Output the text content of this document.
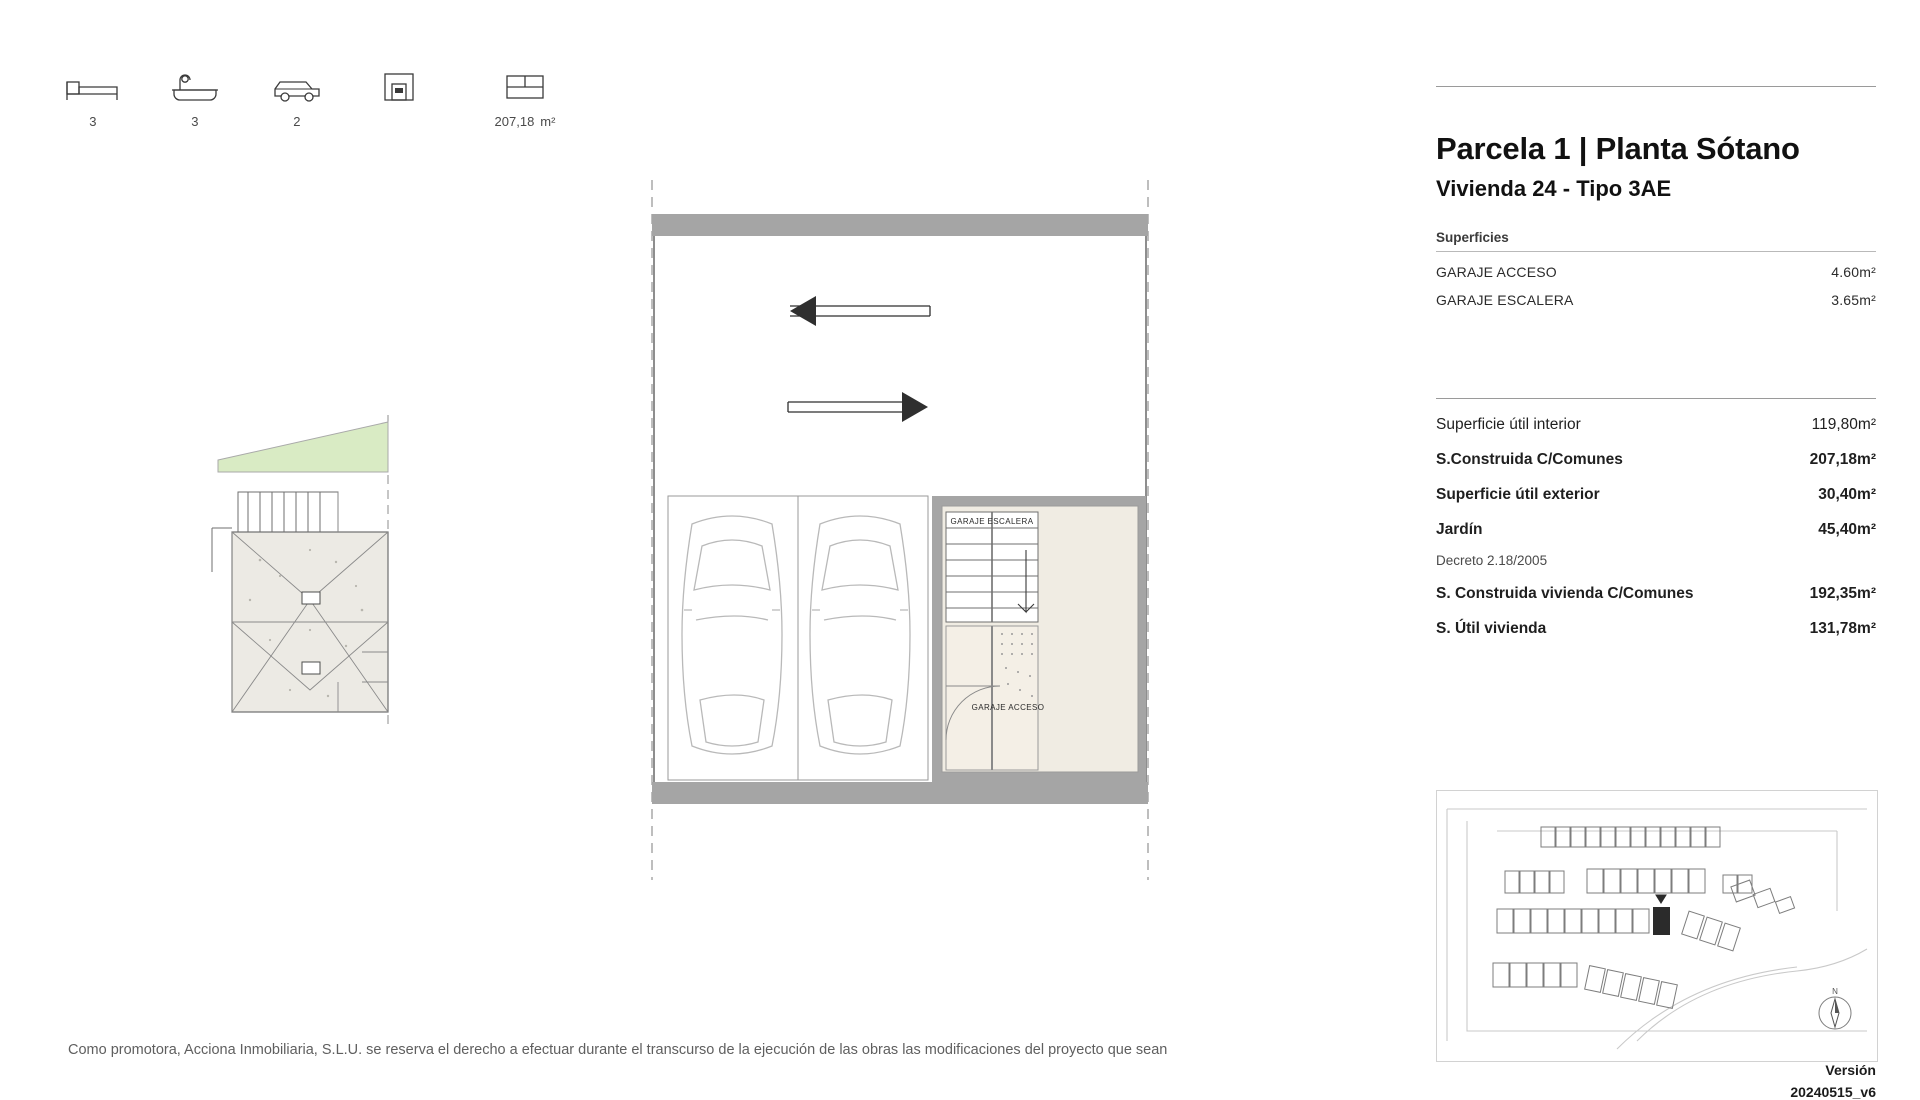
3	3	2	207,18 m²
GARAJE ESCALERA
GARAJE ACCESO
Como promotora, Acciona Inmobiliaria, S.L.U. se reserva el derecho a efectuar durante el transcurso de la ejecución de las obras las modificaciones del proyecto que sean
Parcela 1 | Planta Sótano
Vivienda 24 - Tipo 3AE
Superficies
GARAJE ACCESO	4.60m²
GARAJE ESCALERA	3.65m²
Superficie útil interior	119,80m²
S.Construida C/Comunes	207,18m²
Superficie útil exterior	30,40m²
Jardín	45,40m²
Decreto 2.18/2005
S. Construida vivienda C/Comunes	192,35m²
S. Útil vivienda	131,78m²
N
Versión
20240515_v6
